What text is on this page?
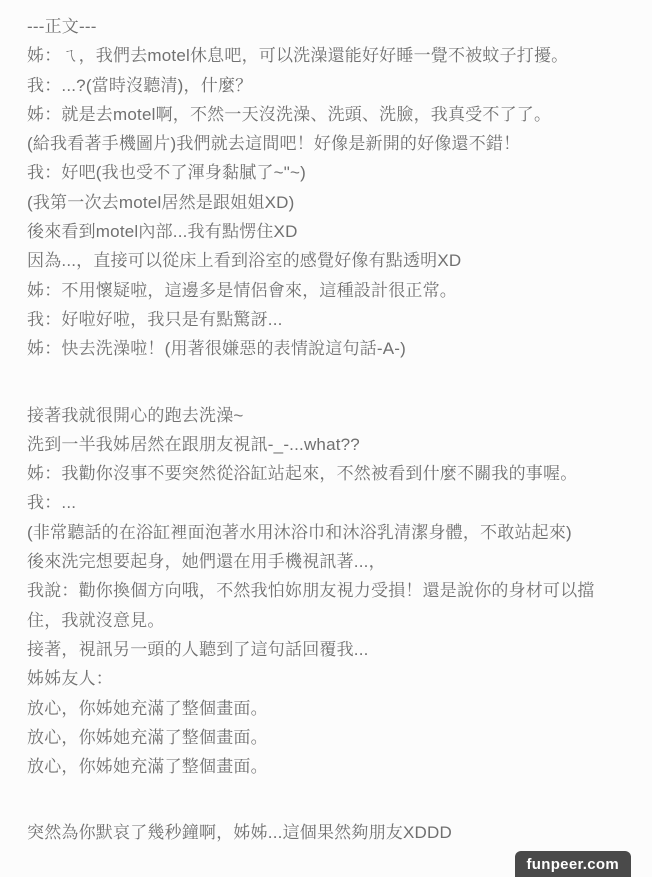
---正文---

姊：ㄟ，我們去motel休息吧，可以洗澡還能好好睡一覺不被蚊子打擾。

我：...?(當時沒聽清)，什麼？

姊：就是去motel啊，不然一天沒洗澡、洗頭、洗臉，我真受不了了。

(給我看著手機圖片)我們就去這間吧！好像是新開的好像還不錯！

我：好吧(我也受不了渾身黏膩了~"~)

(我第一次去motel居然是跟姐姐XD)

後來看到motel內部...我有點愣住XD

因為...，直接可以從床上看到浴室的感覺好像有點透明XD

姊：不用懷疑啦，這邊多是情侶會來，這種設計很正常。

我：好啦好啦，我只是有點驚訝...

姊：快去洗澡啦！(用著很嫌惡的表情說這句話-A-)

接著我就很開心的跑去洗澡~

洗到一半我姊居然在跟朋友視訊-_-...what??

姊：我勸你沒事不要突然從浴缸站起來，不然被看到什麼不關我的事喔。

我：...

(非常聽話的在浴缸裡面泡著水用沐浴巾和沐浴乳清潔身體，不敢站起來)

後來洗完想要起身，她們還在用手機視訊著...，

我說：勸你換個方向哦，不然我怕妳朋友視力受損！還是說你的身材可以擋

住，我就沒意見。

接著，視訊另一頭的人聽到了這句話回覆我...

姊姊友人：

放心，你姊她充滿了整個畫面。

放心，你姊她充滿了整個畫面。

放心，你姊她充滿了整個畫面。

突然為你默哀了幾秒鐘啊，姊姊...這個果然夠朋友XDDD

funpeer.com
